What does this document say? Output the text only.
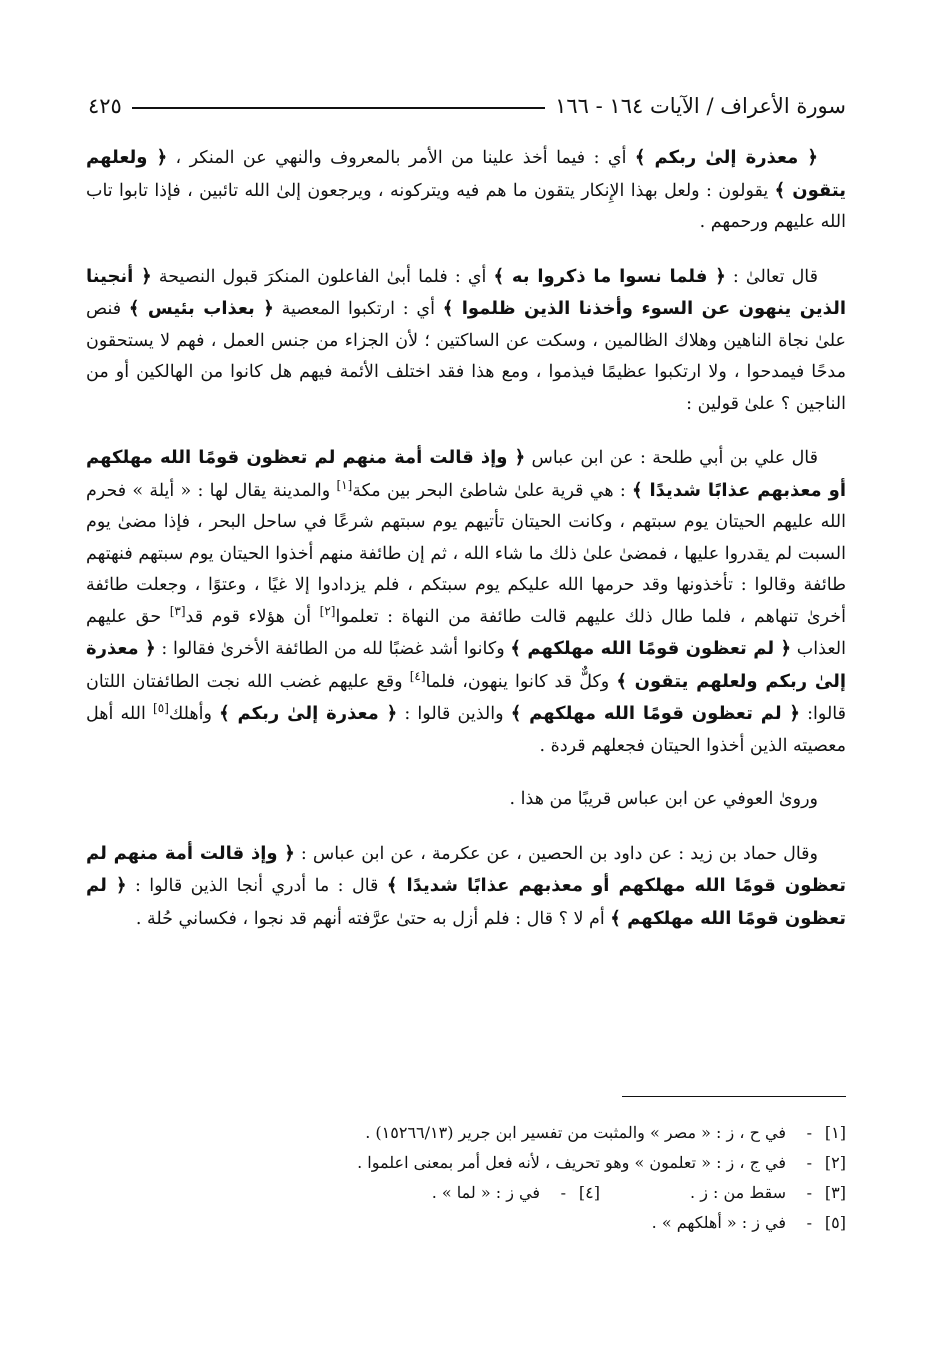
سورة الأعراف / الآيات ١٦٤ - ١٦٦
٤٢٥

﴿ معذرة إلىٰ ربكم ﴾ أي : فيما أخذ علينا من الأمر بالمعروف والنهي عن المنكر ، ﴿ ولعلهم يتقون ﴾ يقولون : ولعل بهذا الإِنكار يتقون ما هم فيه ويتركونه ، ويرجعون إلىٰ الله تائبين ، فإذا تابوا تاب الله عليهم ورحمهم .

قال تعالىٰ : ﴿ فلما نسوا ما ذكروا به ﴾ أي : فلما أبىٰ الفاعلون المنكرَ قبول النصيحة ﴿ أنجينا الذين ينهون عن السوء وأخذنا الذين ظلموا ﴾ أي : ارتكبوا المعصية ﴿ بعذاب بئيس ﴾ فنص علىٰ نجاة الناهين وهلاك الظالمين ، وسكت عن الساكتين ؛ لأن الجزاء من جنس العمل ، فهم لا يستحقون مدحًا فيمدحوا ، ولا ارتكبوا عظيمًا فيذموا ، ومع هذا فقد اختلف الأئمة فيهم هل كانوا من الهالكين أو من الناجين ؟ علىٰ قولين :

قال علي بن أبي طلحة : عن ابن عباس ﴿ وإذ قالت أمة منهم لم تعظون قومًا الله مهلكهم أو معذبهم عذابًا شديدًا ﴾ : هي قرية علىٰ شاطئ البحر بين مكة[١] والمدينة يقال لها : « أيلة » فحرم الله عليهم الحيتان يوم سبتهم ، وكانت الحيتان تأتيهم يوم سبتهم شرعًا في ساحل البحر ، فإذا مضىٰ يوم السبت لم يقدروا عليها ، فمضىٰ علىٰ ذلك ما شاء الله ، ثم إن طائفة منهم أخذوا الحيتان يوم سبتهم فنهتهم طائفة وقالوا : تأخذونها وقد حرمها الله عليكم يوم سبتكم ، فلم يزدادوا إلا غيًا ، وعتوًا ، وجعلت طائفة أخرىٰ تنهاهم ، فلما طال ذلك عليهم قالت طائفة من النهاة : تعلموا[٢] أن هؤلاء قوم قد[٣] حق عليهم العذاب ﴿ لم تعظون قومًا الله مهلكهم ﴾ وكانوا أشد غضبًا لله من الطائفة الأخرىٰ فقالوا : ﴿ معذرة إلىٰ ربكم ولعلهم يتقون ﴾ وكلٌّ قد كانوا ينهون، فلما[٤] وقع عليهم غضب الله نجت الطائفتان اللتان قالوا: ﴿ لم تعظون قومًا الله مهلكهم ﴾ والذين قالوا : ﴿ معذرة إلىٰ ربكم ﴾ وأهلك[٥] الله أهل معصيته الذين أخذوا الحيتان فجعلهم قردة .

ورویٰ العوفي عن ابن عباس قريبًا من هذا .

وقال حماد بن زيد : عن داود بن الحصين ، عن عكرمة ، عن ابن عباس : ﴿ وإذ قالت أمة منهم لم تعظون قومًا الله مهلكهم أو معذبهم عذابًا شديدًا ﴾ قال : ما أدري أنجا الذين قالوا : ﴿ لم تعظون قومًا الله مهلكهم ﴾ أم لا ؟ قال : فلم أزل به حتىٰ عرَّفته أنهم قد نجوا ، فكساني حُلة .

[١]
-
في ح ، ز : « مصر » والمثبت من تفسير ابن جرير (١٥٢٦٦/١٣) .
[٢]
-
في ج ، ز : « تعلمون » وهو تحريف ، لأنه فعل أمر بمعنى اعلموا .
[٣]
-
سقط من : ز .
[٤]
-
في ز : « لما » .
[٥]
-
في ز : « أهلكهم » .
